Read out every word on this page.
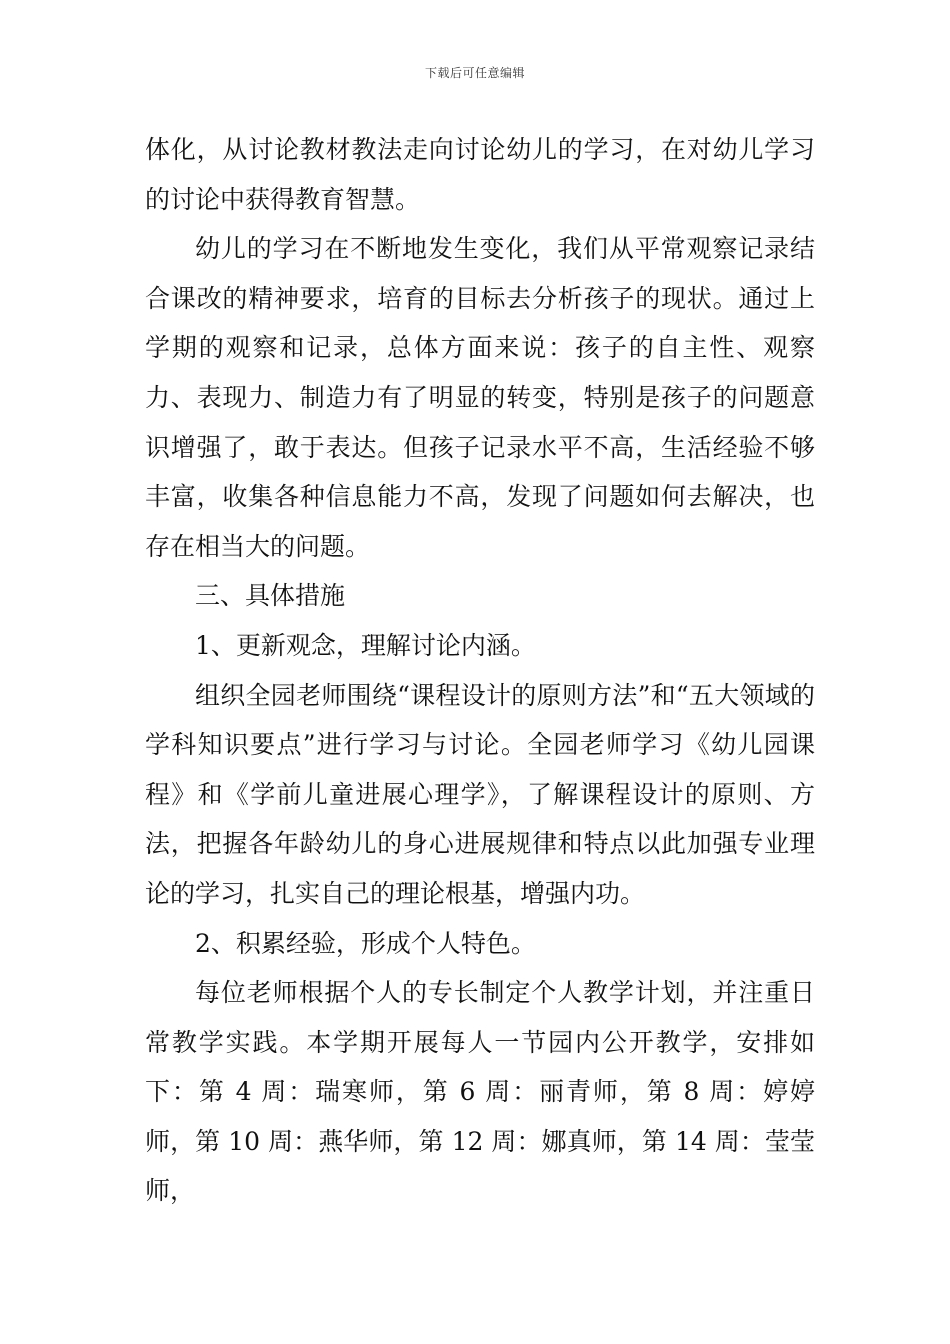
下载后可任意编辑

体化，从讨论教材教法走向讨论幼儿的学习，在对幼儿学习的讨论中获得教育智慧。

幼儿的学习在不断地发生变化，我们从平常观察记录结合课改的精神要求，培育的目标去分析孩子的现状。通过上学期的观察和记录，总体方面来说：孩子的自主性、观察力、表现力、制造力有了明显的转变，特别是孩子的问题意识增强了，敢于表达。但孩子记录水平不高，生活经验不够丰富，收集各种信息能力不高，发现了问题如何去解决，也存在相当大的问题。

三、具体措施

1、更新观念，理解讨论内涵。

组织全园老师围绕“课程设计的原则方法”和“五大领域的学科知识要点”进行学习与讨论。全园老师学习《幼儿园课程》和《学前儿童进展心理学》，了解课程设计的原则、方法，把握各年龄幼儿的身心进展规律和特点以此加强专业理论的学习，扎实自己的理论根基，增强内功。

2、积累经验，形成个人特色。

每位老师根据个人的专长制定个人教学计划，并注重日常教学实践。本学期开展每人一节园内公开教学，安排如下：第 4 周：瑞寒师，第 6 周：丽青师，第 8 周：婷婷师，第 10 周：燕华师，第 12 周：娜真师，第 14 周：莹莹师，
